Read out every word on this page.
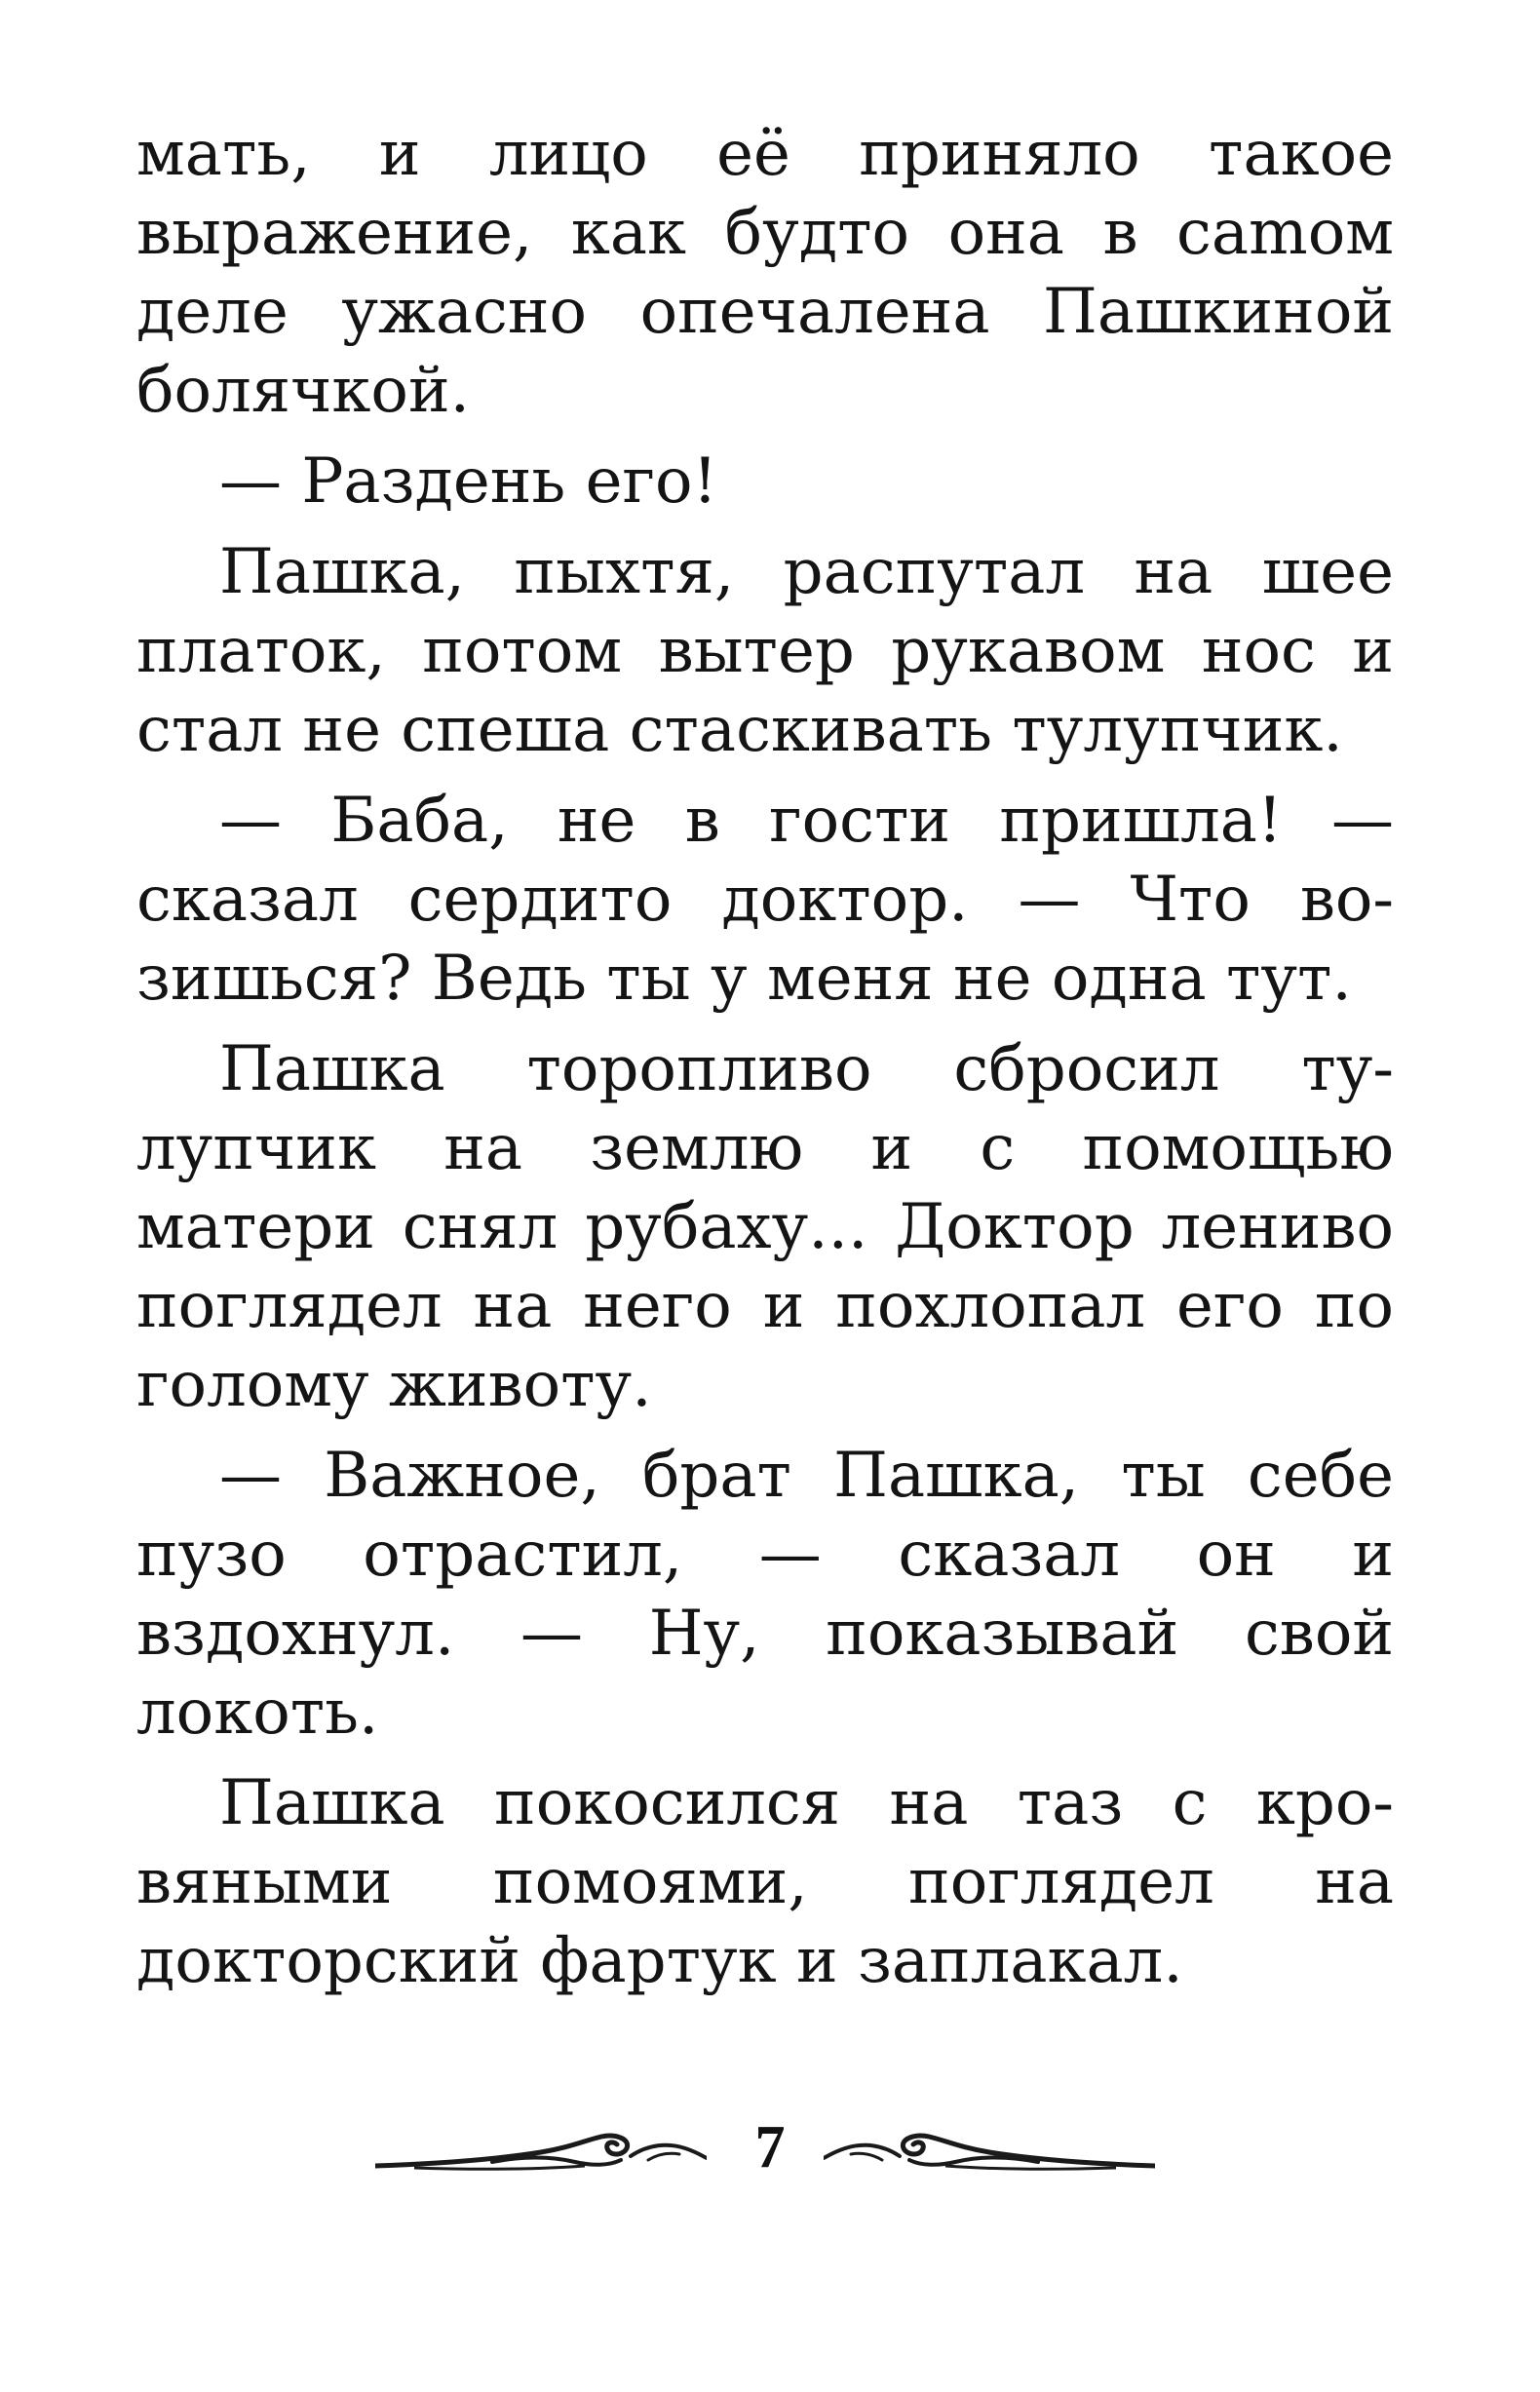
мать, и лицо её приняло такое выражение, как будто она в саmом деле ужасно опечалена Пашкиной болячкой.

— Раздень его!

Пашка, пыхтя, распутал на шее платок, потом вытер рукавом нос и стал не спеша стаскивать тулупчик.

— Баба, не в гости пришла! — сказал сердито доктор. — Что возишься? Ведь ты у меня не одна тут.

Пашка торопливо сбросил тулупчик на землю и с помощью матери снял рубаху... Доктор лениво поглядел на него и похлопал его по голому животу.

— Важное, брат Пашка, ты себе пузо отрастил, — сказал он и вздохнул. — Ну, показывай свой локоть.

Пашка покосился на таз с кровяными помоями, поглядел на докторский фартук и заплакал.

7
